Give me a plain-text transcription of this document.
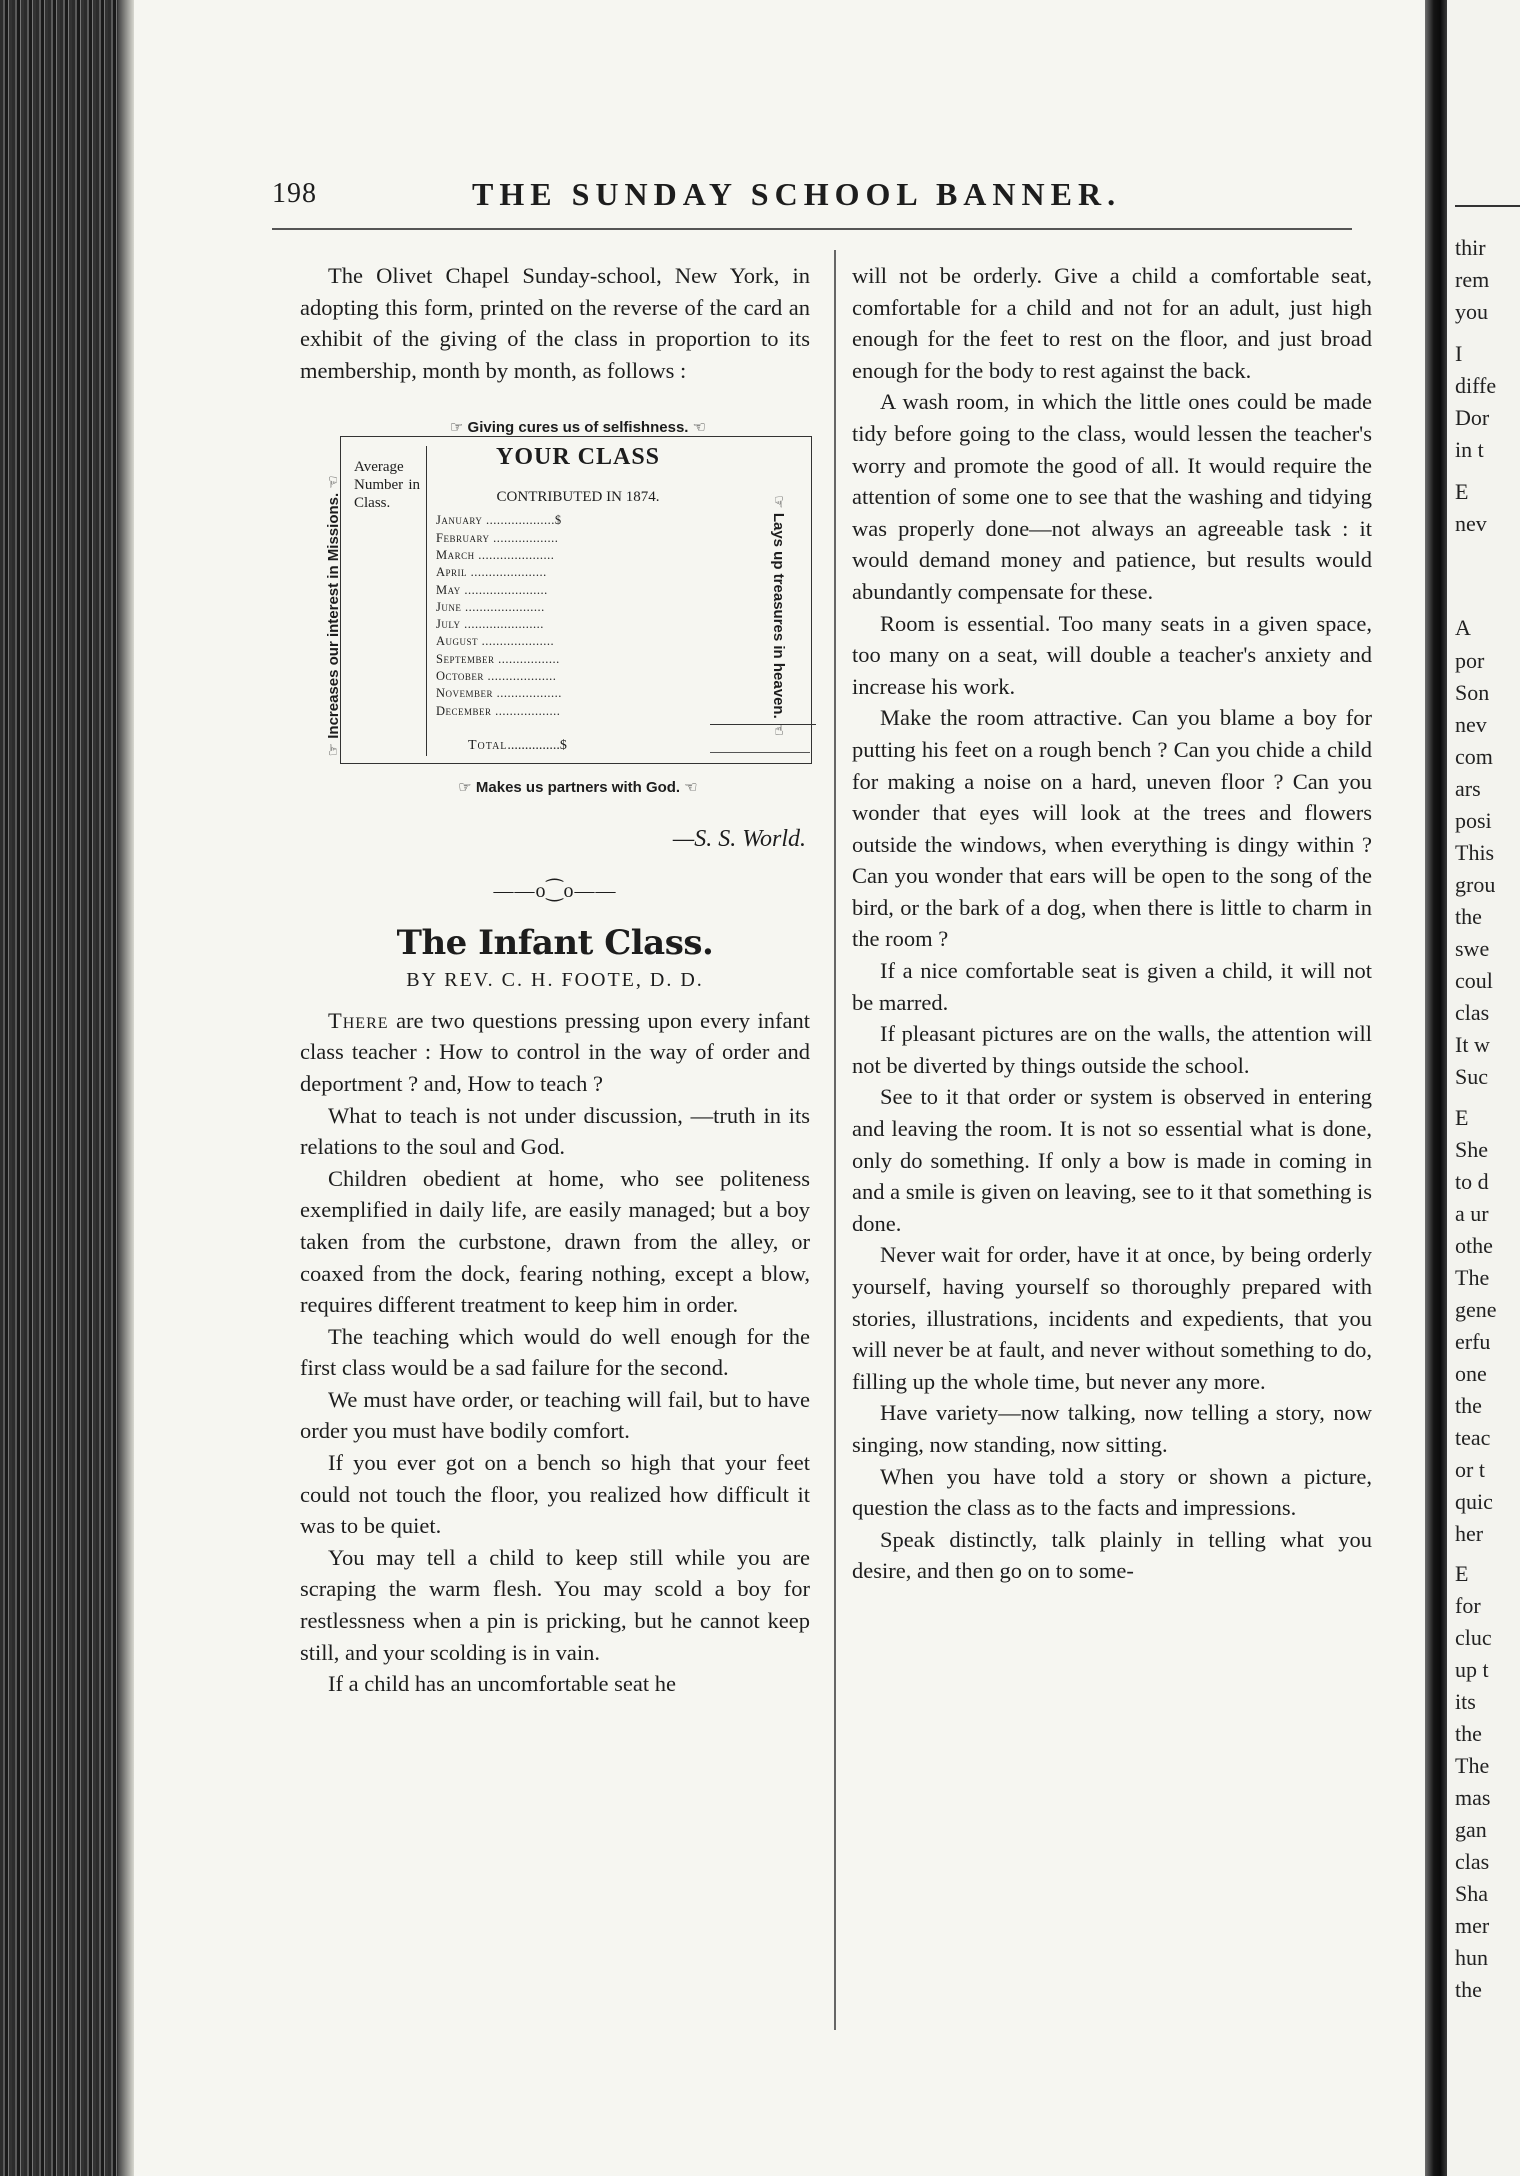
thir
rem
you
I
diffe
Dor
in t
E
nev
A
por
Son
nev
com
ars
posi
This
grou
the
swe
coul
clas
It w
Suc
E
She
to d
a ur
othe
The
gene
erfu
one
the
teac
or t
quic
her
E
for
cluc
up t
its
the
The
mas
gan
clas
Sha
mer
hun
the
198	THE SUNDAY SCHOOL BANNER.

The Olivet Chapel Sunday-school, New York, in adopting this form, printed on the reverse of the card an exhibit of the giving of the class in proportion to its membership, month by month, as follows :

☞ Giving cures us of selfishness. ☜
☞ Increases our interest in Missions. ☜
☞ Lays up treasures in heaven. ☜
Average Number in Class.
YOUR CLASS
CONTRIBUTED IN 1874.
January ...................$
February ..................
March .....................
April .....................
May .......................
June ......................
July ......................
August ....................
September .................
October ...................
November ..................
December ..................
Total...............$
☞ Makes us partners with God. ☜
—S. S. World.
——o⁐o——
The Infant Class.
BY REV. C. H. FOOTE, D. D.

There are two questions pressing upon every infant class teacher : How to control in the way of order and deportment ? and, How to teach ?

What to teach is not under discussion, —truth in its relations to the soul and God.

Children obedient at home, who see politeness exemplified in daily life, are easily managed; but a boy taken from the curbstone, drawn from the alley, or coaxed from the dock, fearing nothing, except a blow, requires different treatment to keep him in order.

The teaching which would do well enough for the first class would be a sad failure for the second.

We must have order, or teaching will fail, but to have order you must have bodily comfort.

If you ever got on a bench so high that your feet could not touch the floor, you realized how difficult it was to be quiet.

You may tell a child to keep still while you are scraping the warm flesh. You may scold a boy for restlessness when a pin is pricking, but he cannot keep still, and your scolding is in vain.

If a child has an uncomfortable seat he

will not be orderly. Give a child a comfortable seat, comfortable for a child and not for an adult, just high enough for the feet to rest on the floor, and just broad enough for the body to rest against the back.

A wash room, in which the little ones could be made tidy before going to the class, would lessen the teacher's worry and promote the good of all. It would require the attention of some one to see that the washing and tidying was properly done—not always an agreeable task : it would demand money and patience, but results would abundantly compensate for these.

Room is essential. Too many seats in a given space, too many on a seat, will double a teacher's anxiety and increase his work.

Make the room attractive. Can you blame a boy for putting his feet on a rough bench ? Can you chide a child for making a noise on a hard, uneven floor ? Can you wonder that eyes will look at the trees and flowers outside the windows, when everything is dingy within ? Can you wonder that ears will be open to the song of the bird, or the bark of a dog, when there is little to charm in the room ?

If a nice comfortable seat is given a child, it will not be marred.

If pleasant pictures are on the walls, the attention will not be diverted by things outside the school.

See to it that order or system is observed in entering and leaving the room. It is not so essential what is done, only do something. If only a bow is made in coming in and a smile is given on leaving, see to it that something is done.

Never wait for order, have it at once, by being orderly yourself, having yourself so thoroughly prepared with stories, illustrations, incidents and expedients, that you will never be at fault, and never without something to do, filling up the whole time, but never any more.

Have variety—now talking, now telling a story, now singing, now standing, now sitting.

When you have told a story or shown a picture, question the class as to the facts and impressions.

Speak distinctly, talk plainly in telling what you desire, and then go on to some-
